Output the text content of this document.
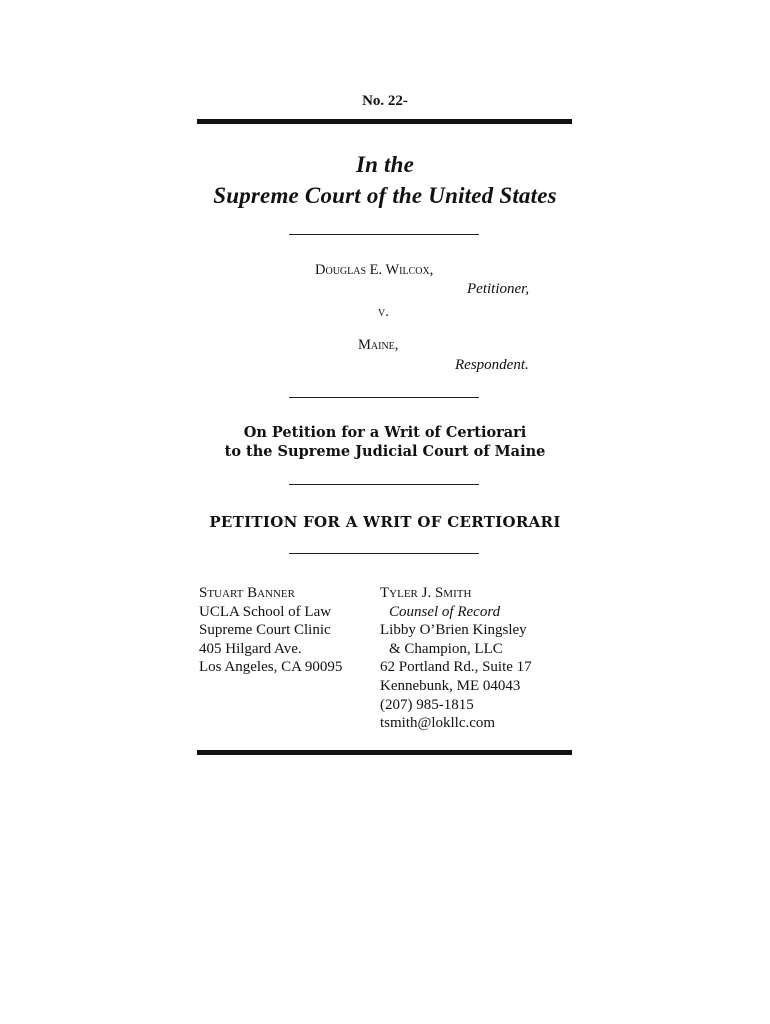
No. 22-
In the
Supreme Court of the United States
Douglas E. Wilcox,
Petitioner,
v.
Maine,
Respondent.
On Petition for a Writ of Certiorari
to the Supreme Judicial Court of Maine
PETITION FOR A WRIT OF CERTIORARI
Stuart Banner
UCLA School of Law
Supreme Court Clinic
405 Hilgard Ave.
Los Angeles, CA 90095
Tyler J. Smith
Counsel of Record
Libby O’Brien Kingsley
& Champion, LLC
62 Portland Rd., Suite 17
Kennebunk, ME 04043
(207) 985-1815
tsmith@lokllc.com
